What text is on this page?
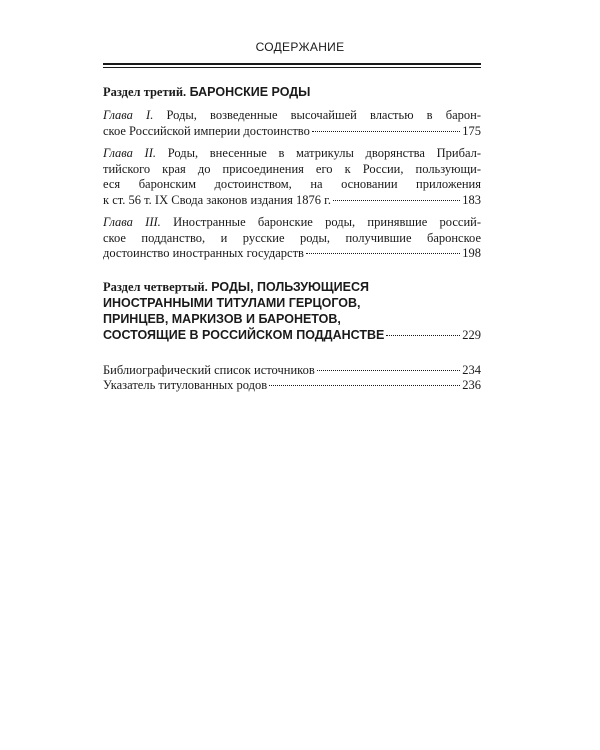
СОДЕРЖАНИЕ
Раздел третий. БАРОНСКИЕ РОДЫ
Глава I. Роды, возведенные высочайшей властью в барон-
ское Российской империи достоинство	175
Глава II. Роды, внесенные в матрикулы дворянства Прибал-
тийского края до присоединения его к России, пользующи-
еся баронским достоинством, на основании приложения
к ст. 56 т. IX Свода законов издания 1876 г.	183
Глава III. Иностранные баронские роды, принявшие россий-
ское подданство, и русские роды, получившие баронское
достоинство иностранных государств	198
Раздел четвертый. РОДЫ, ПОЛЬЗУЮЩИЕСЯ
ИНОСТРАННЫМИ ТИТУЛАМИ ГЕРЦОГОВ,
ПРИНЦЕВ, МАРКИЗОВ И БАРОНЕТОВ,
СОСТОЯЩИЕ В РОССИЙСКОМ ПОДДАНСТВЕ	229
Библиографический список источников	234
Указатель титулованных родов	236
